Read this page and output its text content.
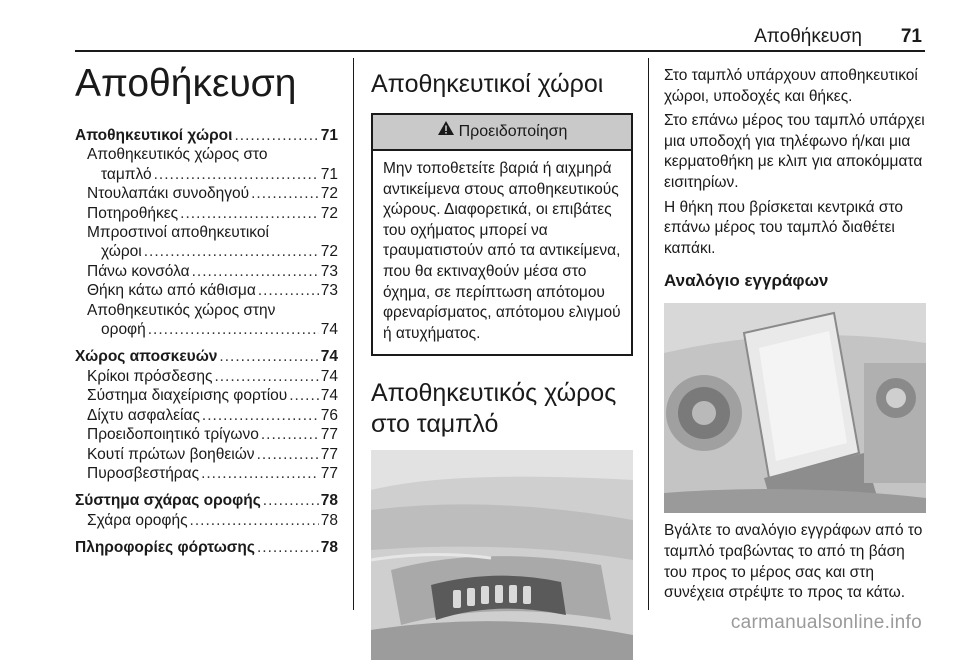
Αποθήκευση 71
Αποθήκευση
Αποθηκευτικοί χώροι .....	71
Αποθηκευτικός χώρος στο
ταμπλό .....	71
Ντουλαπάκι συνοδηγού .....	72
Ποτηροθήκες .....	72
Μπροστινοί αποθηκευτικοί
χώροι .....	72
Πάνω κονσόλα .....	73
Θήκη κάτω από κάθισμα .....	73
Αποθηκευτικός χώρος στην
οροφή .....	74
Χώρος αποσκευών .....	74
Κρίκοι πρόσδεσης .....	74
Σύστημα διαχείρισης φορτίου ..... 74
Δίχτυ ασφαλείας .....	76
Προειδοποιητικό τρίγωνο .....	77
Κουτί πρώτων βοηθειών .....	77
Πυροσβεστήρας .....	77
Σύστημα σχάρας οροφής .....	78
Σχάρα οροφής .....	78
Πληροφορίες φόρτωσης .....	78
Αποθηκευτικοί χώροι
Προειδοποίηση
Μην τοποθετείτε βαριά ή αιχμηρά αντικείμενα στους αποθηκευτικούς χώρους. Διαφορετικά, οι επιβάτες του οχήματος μπορεί να τραυματιστούν από τα αντικείμενα, που θα εκτιναχθούν μέσα στο όχημα, σε περίπτωση απότομου φρεναρίσματος, απότομου ελιγμού ή ατυχήματος.
Αποθηκευτικός χώρος στο ταμπλό

Στο ταμπλό υπάρχουν αποθηκευτικοί χώροι, υποδοχές και θήκες.

Στο επάνω μέρος του ταμπλό υπάρχει μια υποδοχή για τηλέφωνο ή/και μια κερματοθήκη με κλιπ για αποκόμματα εισιτηρίων.

Η θήκη που βρίσκεται κεντρικά στο επάνω μέρος του ταμπλό διαθέτει καπάκι.

Αναλόγιο εγγράφων

Βγάλτε το αναλόγιο εγγράφων από το ταμπλό τραβώντας το από τη βάση του προς το μέρος σας και στη συνέχεια στρέψτε το προς τα κάτω.

carmanualsonline.info
